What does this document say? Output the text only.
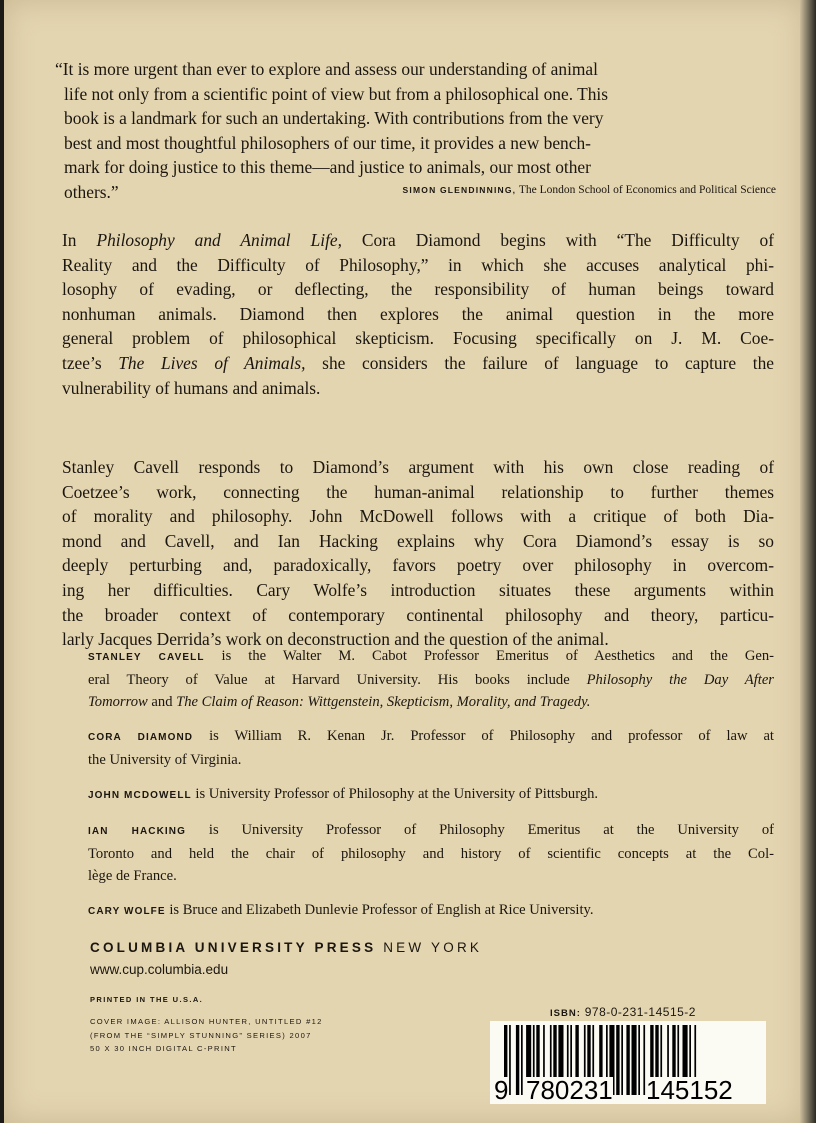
“It is more urgent than ever to explore and assess our understanding of animal
life not only from a scientific point of view but from a philosophical one. This
book is a landmark for such an undertaking. With contributions from the very
best and most thoughtful philosophers of our time, it provides a new bench-
mark for doing justice to this theme—and justice to animals, our most other
others.”	SIMON GLENDINNING, The London School of Economics and Political Science
In Philosophy and Animal Life, Cora Diamond begins with “The Difficulty of
Reality and the Difficulty of Philosophy,” in which she accuses analytical phi-
losophy of evading, or deflecting, the responsibility of human beings toward
nonhuman animals. Diamond then explores the animal question in the more
general problem of philosophical skepticism. Focusing specifically on J. M. Coe-
tzee’s The Lives of Animals, she considers the failure of language to capture the
vulnerability of humans and animals.
Stanley Cavell responds to Diamond’s argument with his own close reading of
Coetzee’s work, connecting the human-animal relationship to further themes
of morality and philosophy. John McDowell follows with a critique of both Dia-
mond and Cavell, and Ian Hacking explains why Cora Diamond’s essay is so
deeply perturbing and, paradoxically, favors poetry over philosophy in overcom-
ing her difficulties. Cary Wolfe’s introduction situates these arguments within
the broader context of contemporary continental philosophy and theory, particu-
larly Jacques Derrida’s work on deconstruction and the question of the animal.
STANLEY CAVELL is the Walter M. Cabot Professor Emeritus of Aesthetics and the Gen-
eral Theory of Value at Harvard University. His books include Philosophy the Day After
Tomorrow and The Claim of Reason: Wittgenstein, Skepticism, Morality, and Tragedy.
CORA DIAMOND is William R. Kenan Jr. Professor of Philosophy and professor of law at
the University of Virginia.
JOHN MCDOWELL is University Professor of Philosophy at the University of Pittsburgh.
IAN HACKING is University Professor of Philosophy Emeritus at the University of
Toronto and held the chair of philosophy and history of scientific concepts at the Col-
lège de France.
CARY WOLFE is Bruce and Elizabeth Dunlevie Professor of English at Rice University.
COLUMBIA UNIVERSITY PRESS NEW YORK
www.cup.columbia.edu
PRINTED IN THE U.S.A.
COVER IMAGE: ALLISON HUNTER, UNTITLED #12
(FROM THE “SIMPLY STUNNING” SERIES) 2007
50 X 30 INCH DIGITAL C-PRINT
ISBN: 978-0-231-14515-2
9 780231 145152
